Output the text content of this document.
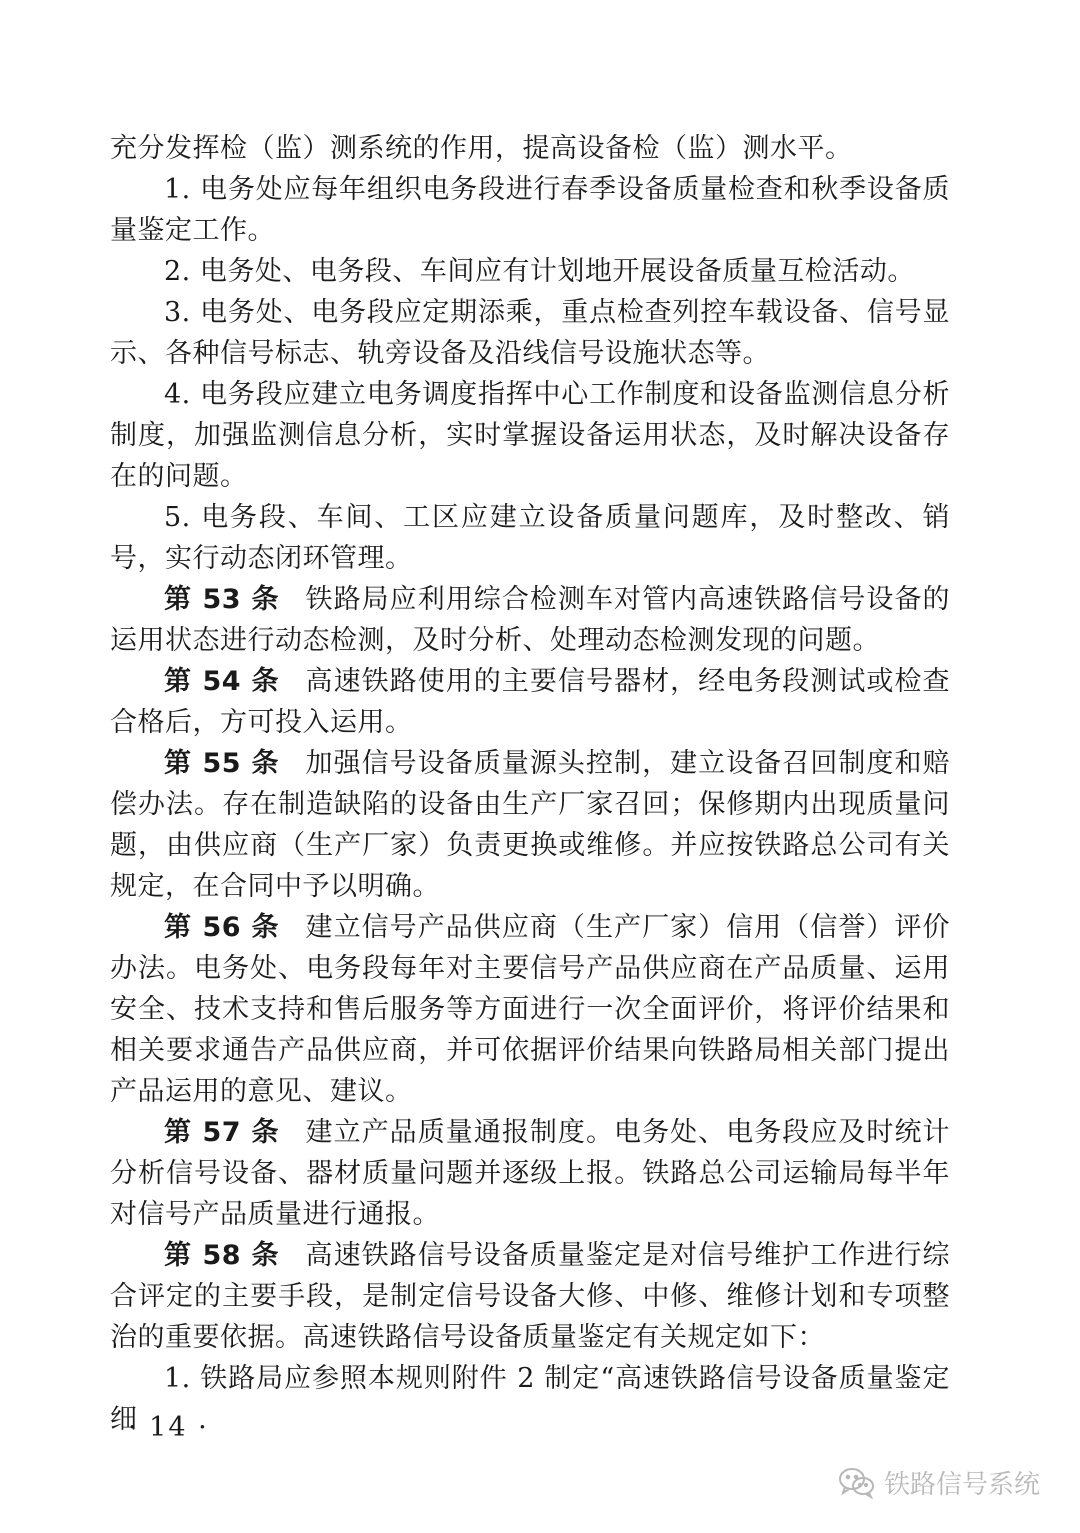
充分发挥检（监）测系统的作用，提高设备检（监）测水平。

1. 电务处应每年组织电务段进行春季设备质量检查和秋季设备质量鉴定工作。

2. 电务处、电务段、车间应有计划地开展设备质量互检活动。

3. 电务处、电务段应定期添乘，重点检查列控车载设备、信号显示、各种信号标志、轨旁设备及沿线信号设施状态等。

4. 电务段应建立电务调度指挥中心工作制度和设备监测信息分析制度，加强监测信息分析，实时掌握设备运用状态，及时解决设备存在的问题。

5. 电务段、车间、工区应建立设备质量问题库，及时整改、销号，实行动态闭环管理。

第 53 条 铁路局应利用综合检测车对管内高速铁路信号设备的运用状态进行动态检测，及时分析、处理动态检测发现的问题。

第 54 条 高速铁路使用的主要信号器材，经电务段测试或检查合格后，方可投入运用。

第 55 条 加强信号设备质量源头控制，建立设备召回制度和赔偿办法。存在制造缺陷的设备由生产厂家召回；保修期内出现质量问题，由供应商（生产厂家）负责更换或维修。并应按铁路总公司有关规定，在合同中予以明确。

第 56 条 建立信号产品供应商（生产厂家）信用（信誉）评价办法。电务处、电务段每年对主要信号产品供应商在产品质量、运用安全、技术支持和售后服务等方面进行一次全面评价，将评价结果和相关要求通告产品供应商，并可依据评价结果向铁路局相关部门提出产品运用的意见、建议。

第 57 条 建立产品质量通报制度。电务处、电务段应及时统计分析信号设备、器材质量问题并逐级上报。铁路总公司运输局每半年对信号产品质量进行通报。

第 58 条 高速铁路信号设备质量鉴定是对信号维护工作进行综合评定的主要手段，是制定信号设备大修、中修、维修计划和专项整治的重要依据。高速铁路信号设备质量鉴定有关规定如下：

1. 铁路局应参照本规则附件 2 制定“高速铁路信号设备质量鉴定细

· 14 ·
铁路信号系统
